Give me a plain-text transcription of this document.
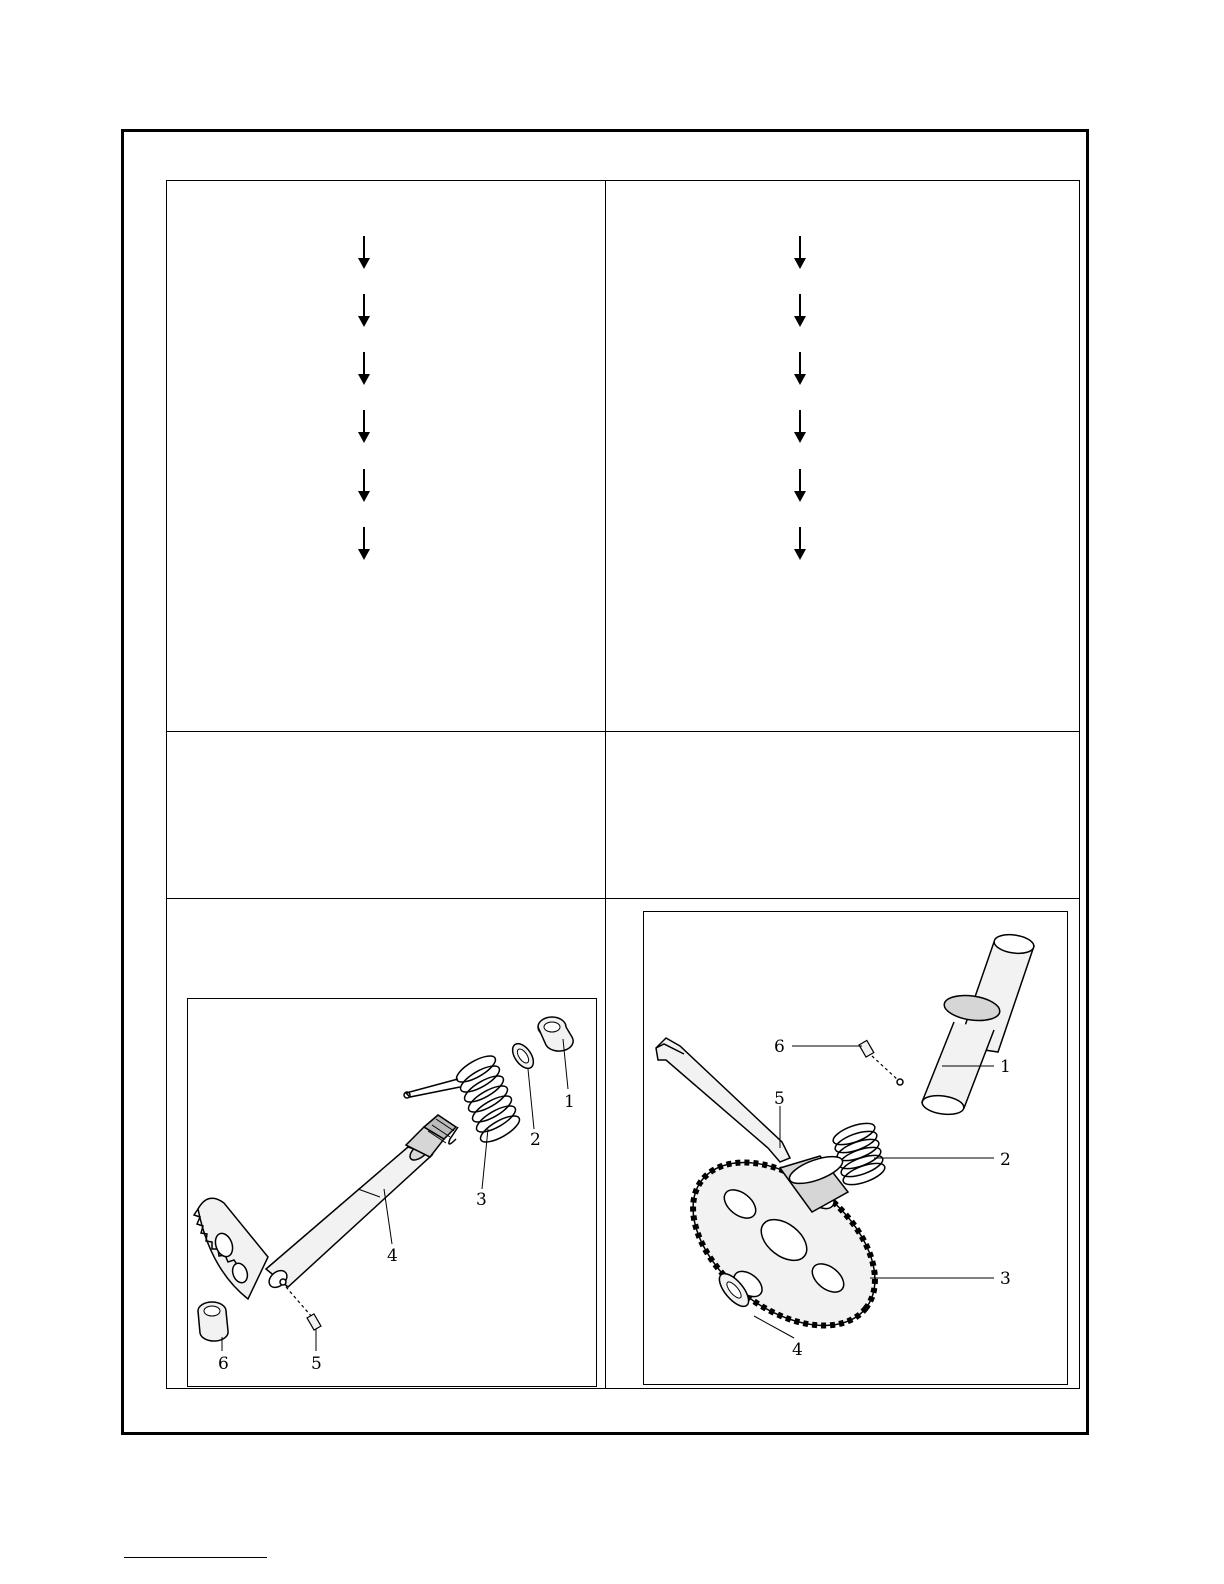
1
2
3
4
5
6
1
2
3
4
5
6
